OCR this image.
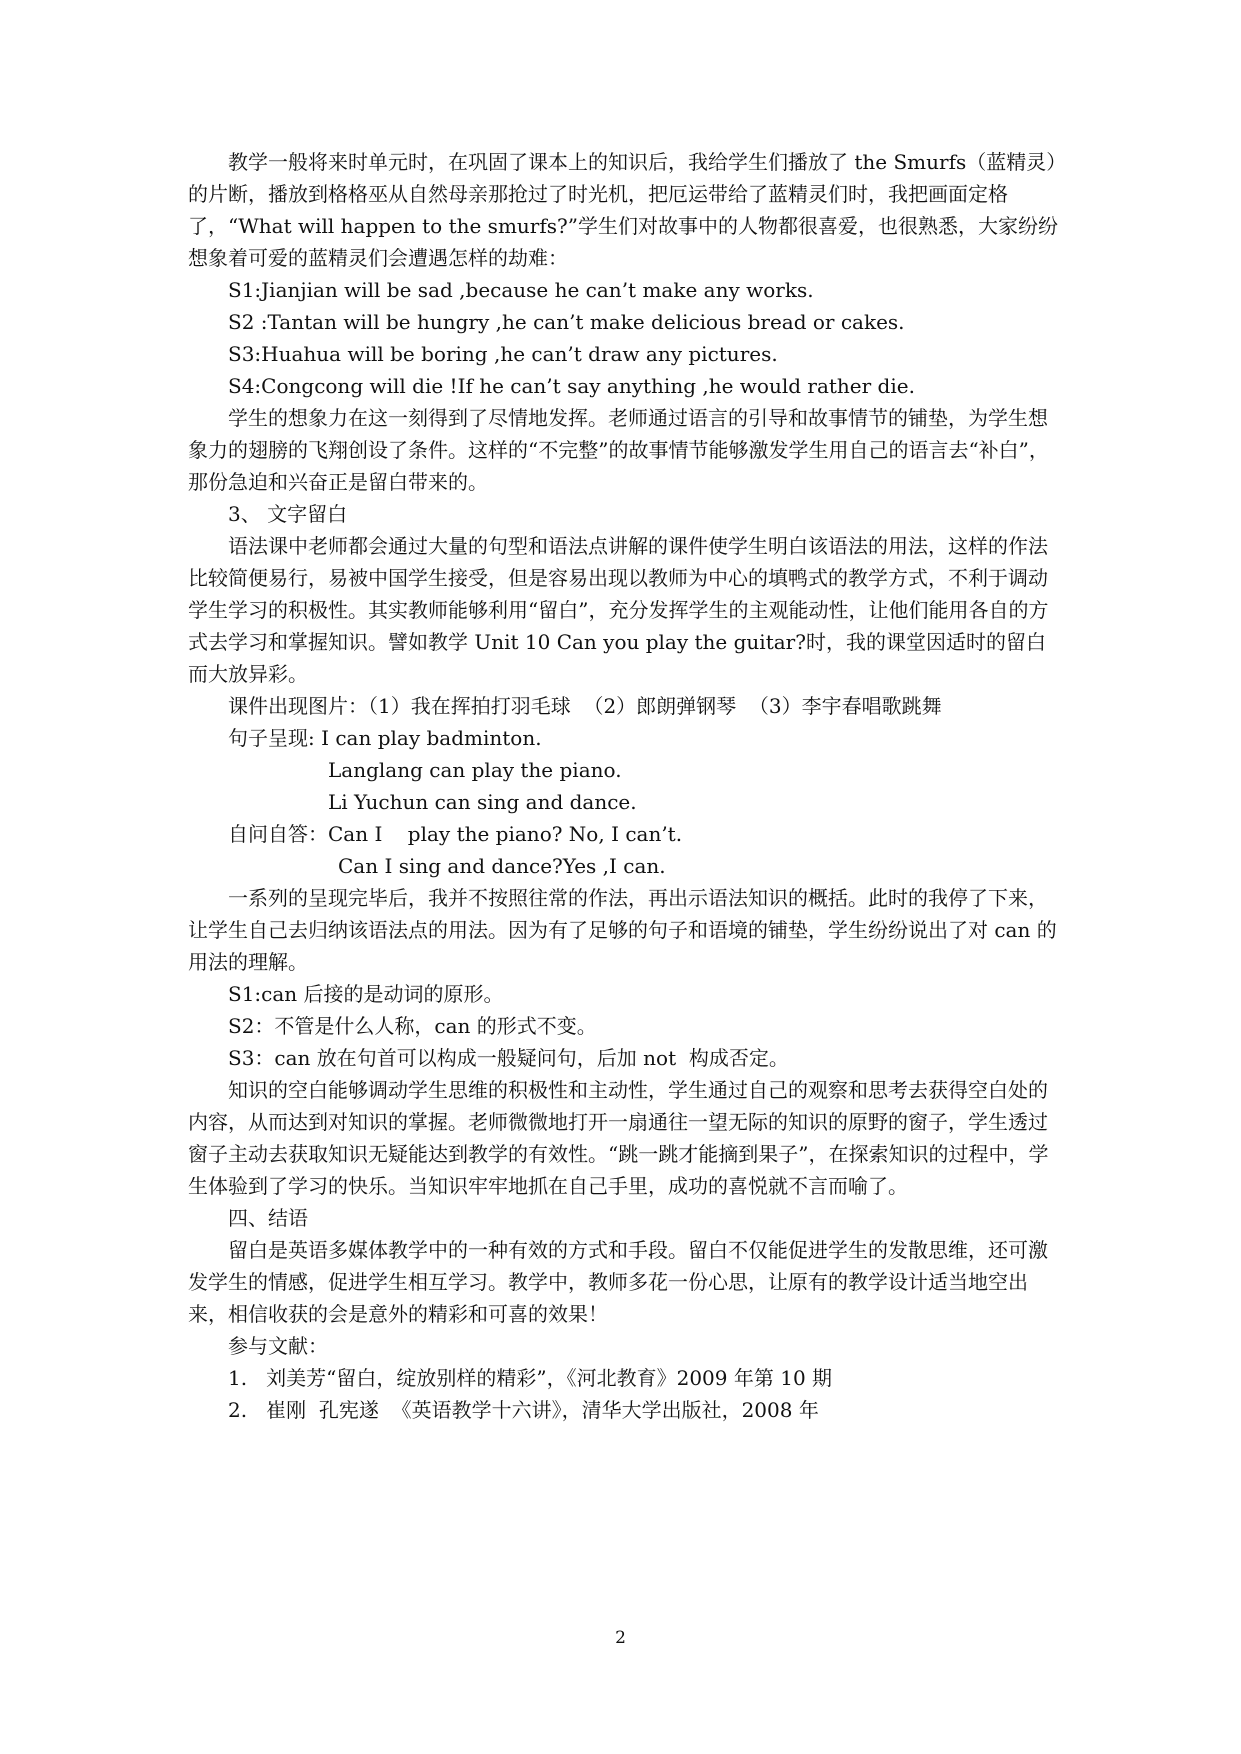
教学一般将来时单元时，在巩固了课本上的知识后，我给学生们播放了 the Smurfs（蓝精灵）的片断，播放到格格巫从自然母亲那抢过了时光机，把厄运带给了蓝精灵们时，我把画面定格了，“What will happen to the smurfs?”学生们对故事中的人物都很喜爱，也很熟悉，大家纷纷想象着可爱的蓝精灵们会遭遇怎样的劫难：

S1:Jianjian will be sad ,because he can’t make any works.

S2 :Tantan will be hungry ,he can’t make delicious bread or cakes.

S3:Huahua will be boring ,he can’t draw any pictures.

S4:Congcong will die !If he can’t say anything ,he would rather die.

学生的想象力在这一刻得到了尽情地发挥。老师通过语言的引导和故事情节的铺垫，为学生想象力的翅膀的飞翔创设了条件。这样的“不完整”的故事情节能够激发学生用自己的语言去“补白”，那份急迫和兴奋正是留白带来的。

3、 文字留白

语法课中老师都会通过大量的句型和语法点讲解的课件使学生明白该语法的用法，这样的作法比较简便易行，易被中国学生接受，但是容易出现以教师为中心的填鸭式的教学方式，不利于调动学生学习的积极性。其实教师能够利用“留白”，充分发挥学生的主观能动性，让他们能用各自的方式去学习和掌握知识。譬如教学 Unit 10 Can you play the guitar?时，我的课堂因适时的留白而大放异彩。

课件出现图片：（1）我在挥拍打羽毛球  （2）郎朗弹钢琴  （3）李宇春唱歌跳舞

句子呈现: I can play badminton.

Langlang can play the piano.

Li Yuchun can sing and dance.

自问自答：Can I    play the piano? No, I can’t.

Can I sing and dance?Yes ,I can.

一系列的呈现完毕后，我并不按照往常的作法，再出示语法知识的概括。此时的我停了下来，让学生自己去归纳该语法点的用法。因为有了足够的句子和语境的铺垫，学生纷纷说出了对 can 的用法的理解。

S1:can 后接的是动词的原形。

S2：不管是什么人称，can 的形式不变。

S3：can 放在句首可以构成一般疑问句，后加 not  构成否定。

知识的空白能够调动学生思维的积极性和主动性，学生通过自己的观察和思考去获得空白处的内容，从而达到对知识的掌握。老师微微地打开一扇通往一望无际的知识的原野的窗子，学生透过窗子主动去获取知识无疑能达到教学的有效性。“跳一跳才能摘到果子”，在探索知识的过程中，学生体验到了学习的快乐。当知识牢牢地抓在自己手里，成功的喜悦就不言而喻了。

四、结语

留白是英语多媒体教学中的一种有效的方式和手段。留白不仅能促进学生的发散思维，还可激发学生的情感，促进学生相互学习。教学中，教师多花一份心思，让原有的教学设计适当地空出来，相信收获的会是意外的精彩和可喜的效果！

参与文献：

1.   刘美芳“留白，绽放别样的精彩”，《河北教育》2009 年第 10 期

2.   崔刚  孔宪遂  《英语教学十六讲》，清华大学出版社，2008 年

2
